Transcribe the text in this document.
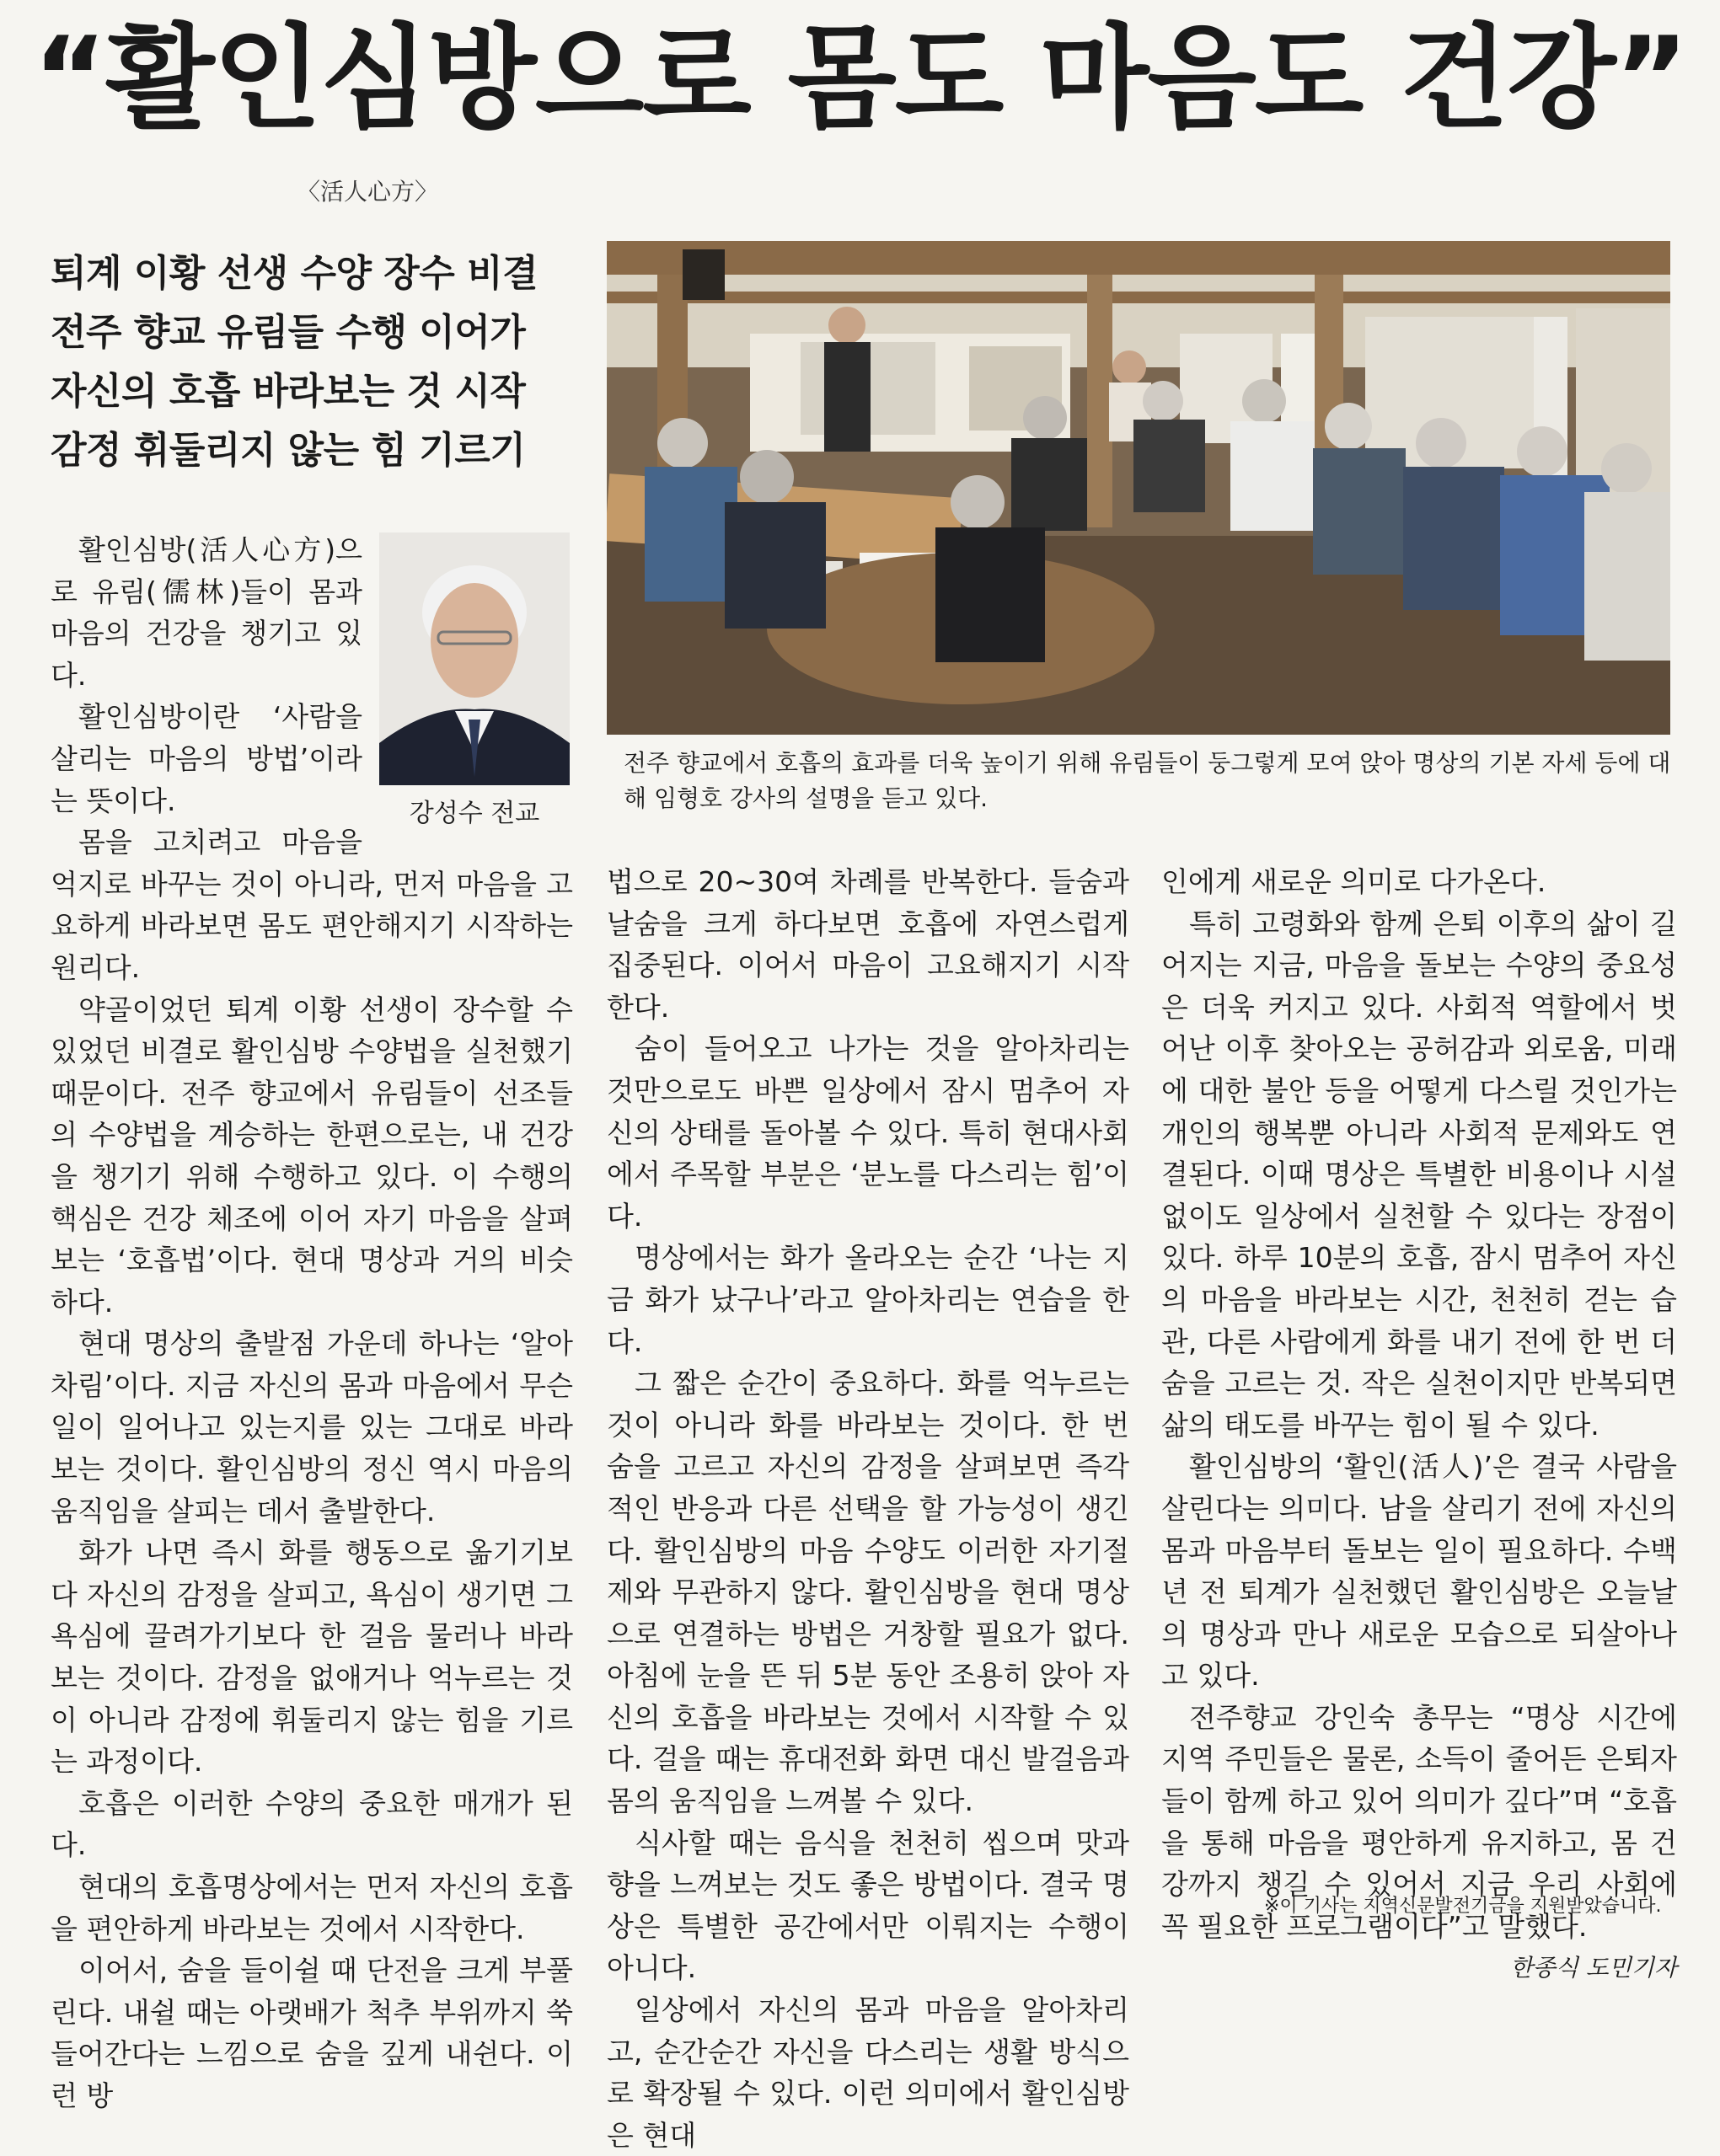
“활인심방으로 몸도 마음도 건강”
〈活人心方〉
퇴계 이황 선생 수양 장수 비결
전주 향교 유림들 수행 이어가
자신의 호흡 바라보는 것 시작
감정 휘둘리지 않는 힘 기르기
전주 향교에서 호흡의 효과를 더욱 높이기 위해 유림들이 둥그렇게 모여 앉아 명상의 기본 자세 등에 대해 임형호 강사의 설명을 듣고 있다.
강성수 전교

활인심방(活人心方)으로 유림(儒林)들이 몸과 마음의 건강을 챙기고 있다.

활인심방이란 ‘사람을 살리는 마음의 방법’이라는 뜻이다.

몸을 고치려고 마음을 억지로 바꾸는 것이 아니라, 먼저 마음을 고요하게 바라보면 몸도 편안해지기 시작하는 원리다.

약골이었던 퇴계 이황 선생이 장수할 수 있었던 비결로 활인심방 수양법을 실천했기 때문이다. 전주 향교에서 유림들이 선조들의 수양법을 계승하는 한편으로는, 내 건강을 챙기기 위해 수행하고 있다. 이 수행의 핵심은 건강 체조에 이어 자기 마음을 살펴보는 ‘호흡법’이다. 현대 명상과 거의 비슷하다.

현대 명상의 출발점 가운데 하나는 ‘알아차림’이다. 지금 자신의 몸과 마음에서 무슨 일이 일어나고 있는지를 있는 그대로 바라보는 것이다. 활인심방의 정신 역시 마음의 움직임을 살피는 데서 출발한다.

화가 나면 즉시 화를 행동으로 옮기기보다 자신의 감정을 살피고, 욕심이 생기면 그 욕심에 끌려가기보다 한 걸음 물러나 바라보는 것이다. 감정을 없애거나 억누르는 것이 아니라 감정에 휘둘리지 않는 힘을 기르는 과정이다.

호흡은 이러한 수양의 중요한 매개가 된다.

현대의 호흡명상에서는 먼저 자신의 호흡을 편안하게 바라보는 것에서 시작한다.

이어서, 숨을 들이쉴 때 단전을 크게 부풀린다. 내쉴 때는 아랫배가 척추 부위까지 쑥 들어간다는 느낌으로 숨을 깊게 내쉰다. 이런 방

법으로 20~30여 차례를 반복한다. 들숨과 날숨을 크게 하다보면 호흡에 자연스럽게 집중된다. 이어서 마음이 고요해지기 시작한다.

숨이 들어오고 나가는 것을 알아차리는 것만으로도 바쁜 일상에서 잠시 멈추어 자신의 상태를 돌아볼 수 있다. 특히 현대사회에서 주목할 부분은 ‘분노를 다스리는 힘’이다.

명상에서는 화가 올라오는 순간 ‘나는 지금 화가 났구나’라고 알아차리는 연습을 한다.

그 짧은 순간이 중요하다. 화를 억누르는 것이 아니라 화를 바라보는 것이다. 한 번 숨을 고르고 자신의 감정을 살펴보면 즉각적인 반응과 다른 선택을 할 가능성이 생긴다. 활인심방의 마음 수양도 이러한 자기절제와 무관하지 않다. 활인심방을 현대 명상으로 연결하는 방법은 거창할 필요가 없다. 아침에 눈을 뜬 뒤 5분 동안 조용히 앉아 자신의 호흡을 바라보는 것에서 시작할 수 있다. 걸을 때는 휴대전화 화면 대신 발걸음과 몸의 움직임을 느껴볼 수 있다.

식사할 때는 음식을 천천히 씹으며 맛과 향을 느껴보는 것도 좋은 방법이다. 결국 명상은 특별한 공간에서만 이뤄지는 수행이 아니다.

일상에서 자신의 몸과 마음을 알아차리고, 순간순간 자신을 다스리는 생활 방식으로 확장될 수 있다. 이런 의미에서 활인심방은 현대

인에게 새로운 의미로 다가온다.

특히 고령화와 함께 은퇴 이후의 삶이 길어지는 지금, 마음을 돌보는 수양의 중요성은 더욱 커지고 있다. 사회적 역할에서 벗어난 이후 찾아오는 공허감과 외로움, 미래에 대한 불안 등을 어떻게 다스릴 것인가는 개인의 행복뿐 아니라 사회적 문제와도 연결된다. 이때 명상은 특별한 비용이나 시설 없이도 일상에서 실천할 수 있다는 장점이 있다. 하루 10분의 호흡, 잠시 멈추어 자신의 마음을 바라보는 시간, 천천히 걷는 습관, 다른 사람에게 화를 내기 전에 한 번 더 숨을 고르는 것. 작은 실천이지만 반복되면 삶의 태도를 바꾸는 힘이 될 수 있다.

활인심방의 ‘활인(活人)’은 결국 사람을 살린다는 의미다. 남을 살리기 전에 자신의 몸과 마음부터 돌보는 일이 필요하다. 수백 년 전 퇴계가 실천했던 활인심방은 오늘날의 명상과 만나 새로운 모습으로 되살아나고 있다.

전주향교 강인숙 총무는 “명상 시간에 지역 주민들은 물론, 소득이 줄어든 은퇴자들이 함께 하고 있어 의미가 깊다”며 “호흡을 통해 마음을 평안하게 유지하고, 몸 건강까지 챙길 수 있어서 지금 우리 사회에 꼭 필요한 프로그램이다”고 말했다.

한종식 도민기자
※이 기사는 지역신문발전기금을 지원받았습니다.
